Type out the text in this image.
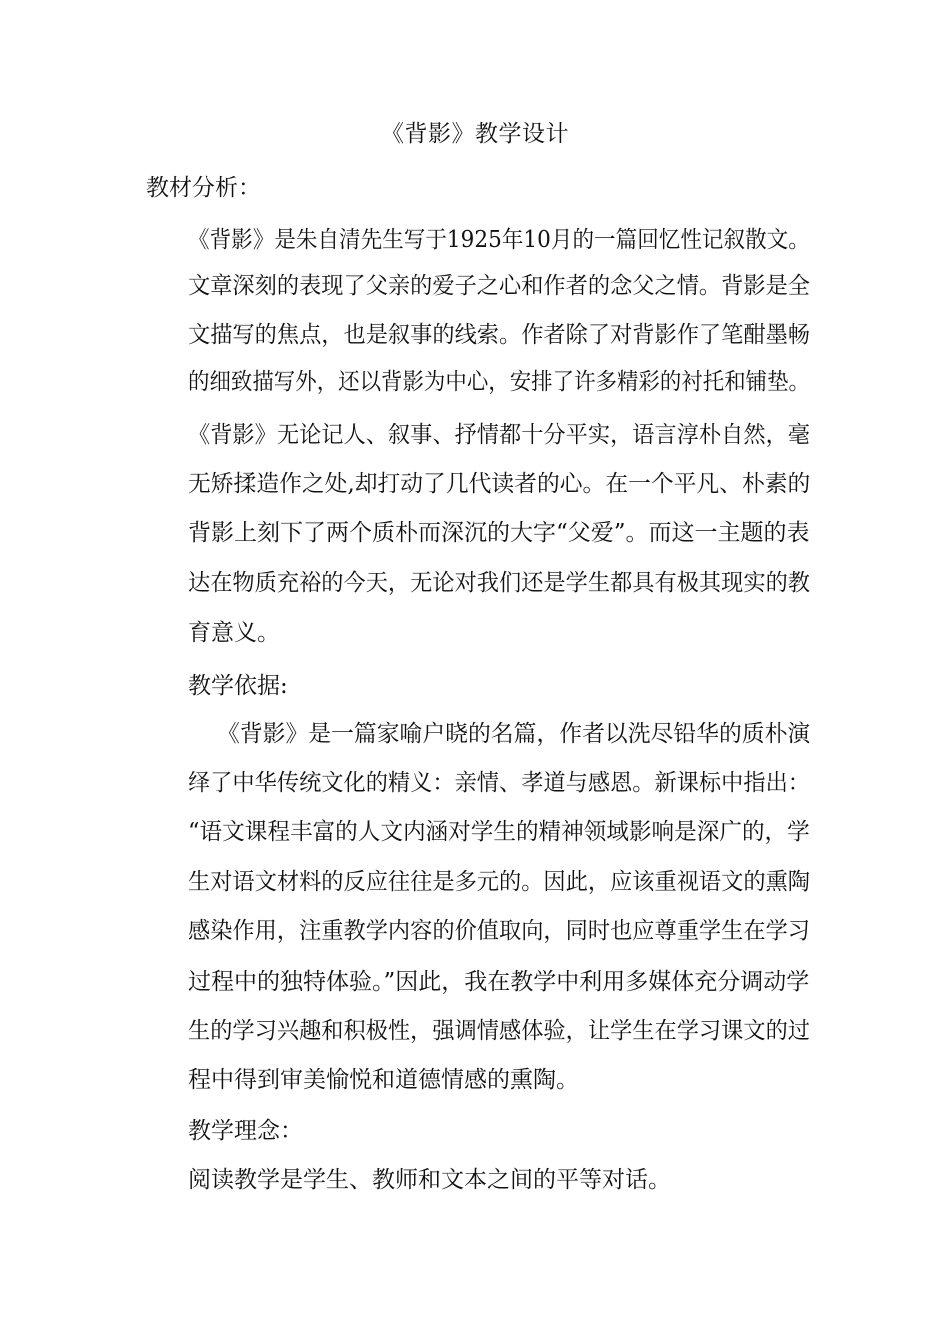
《背影》教学设计
教材分析：
《背影》是朱自清先生写于1925年10月的一篇回忆性记叙散文。
文章深刻的表现了父亲的爱子之心和作者的念父之情。背影是全
文描写的焦点，也是叙事的线索。作者除了对背影作了笔酣墨畅
的细致描写外，还以背影为中心，安排了许多精彩的衬托和铺垫。
《背影》无论记人、叙事、抒情都十分平实，语言淳朴自然，毫
无矫揉造作之处,却打动了几代读者的心。在一个平凡、朴素的
背影上刻下了两个质朴而深沉的大字“父爱”。而这一主题的表
达在物质充裕的今天，无论对我们还是学生都具有极其现实的教
育意义。
教学依据:
《背影》是一篇家喻户晓的名篇，作者以洗尽铅华的质朴演
绎了中华传统文化的精义：亲情、孝道与感恩。新课标中指出：
“语文课程丰富的人文内涵对学生的精神领域影响是深广的，学
生对语文材料的反应往往是多元的。因此，应该重视语文的熏陶
感染作用，注重教学内容的价值取向，同时也应尊重学生在学习
过程中的独特体验。”因此，我在教学中利用多媒体充分调动学
生的学习兴趣和积极性，强调情感体验，让学生在学习课文的过
程中得到审美愉悦和道德情感的熏陶。
教学理念：
阅读教学是学生、教师和文本之间的平等对话。
